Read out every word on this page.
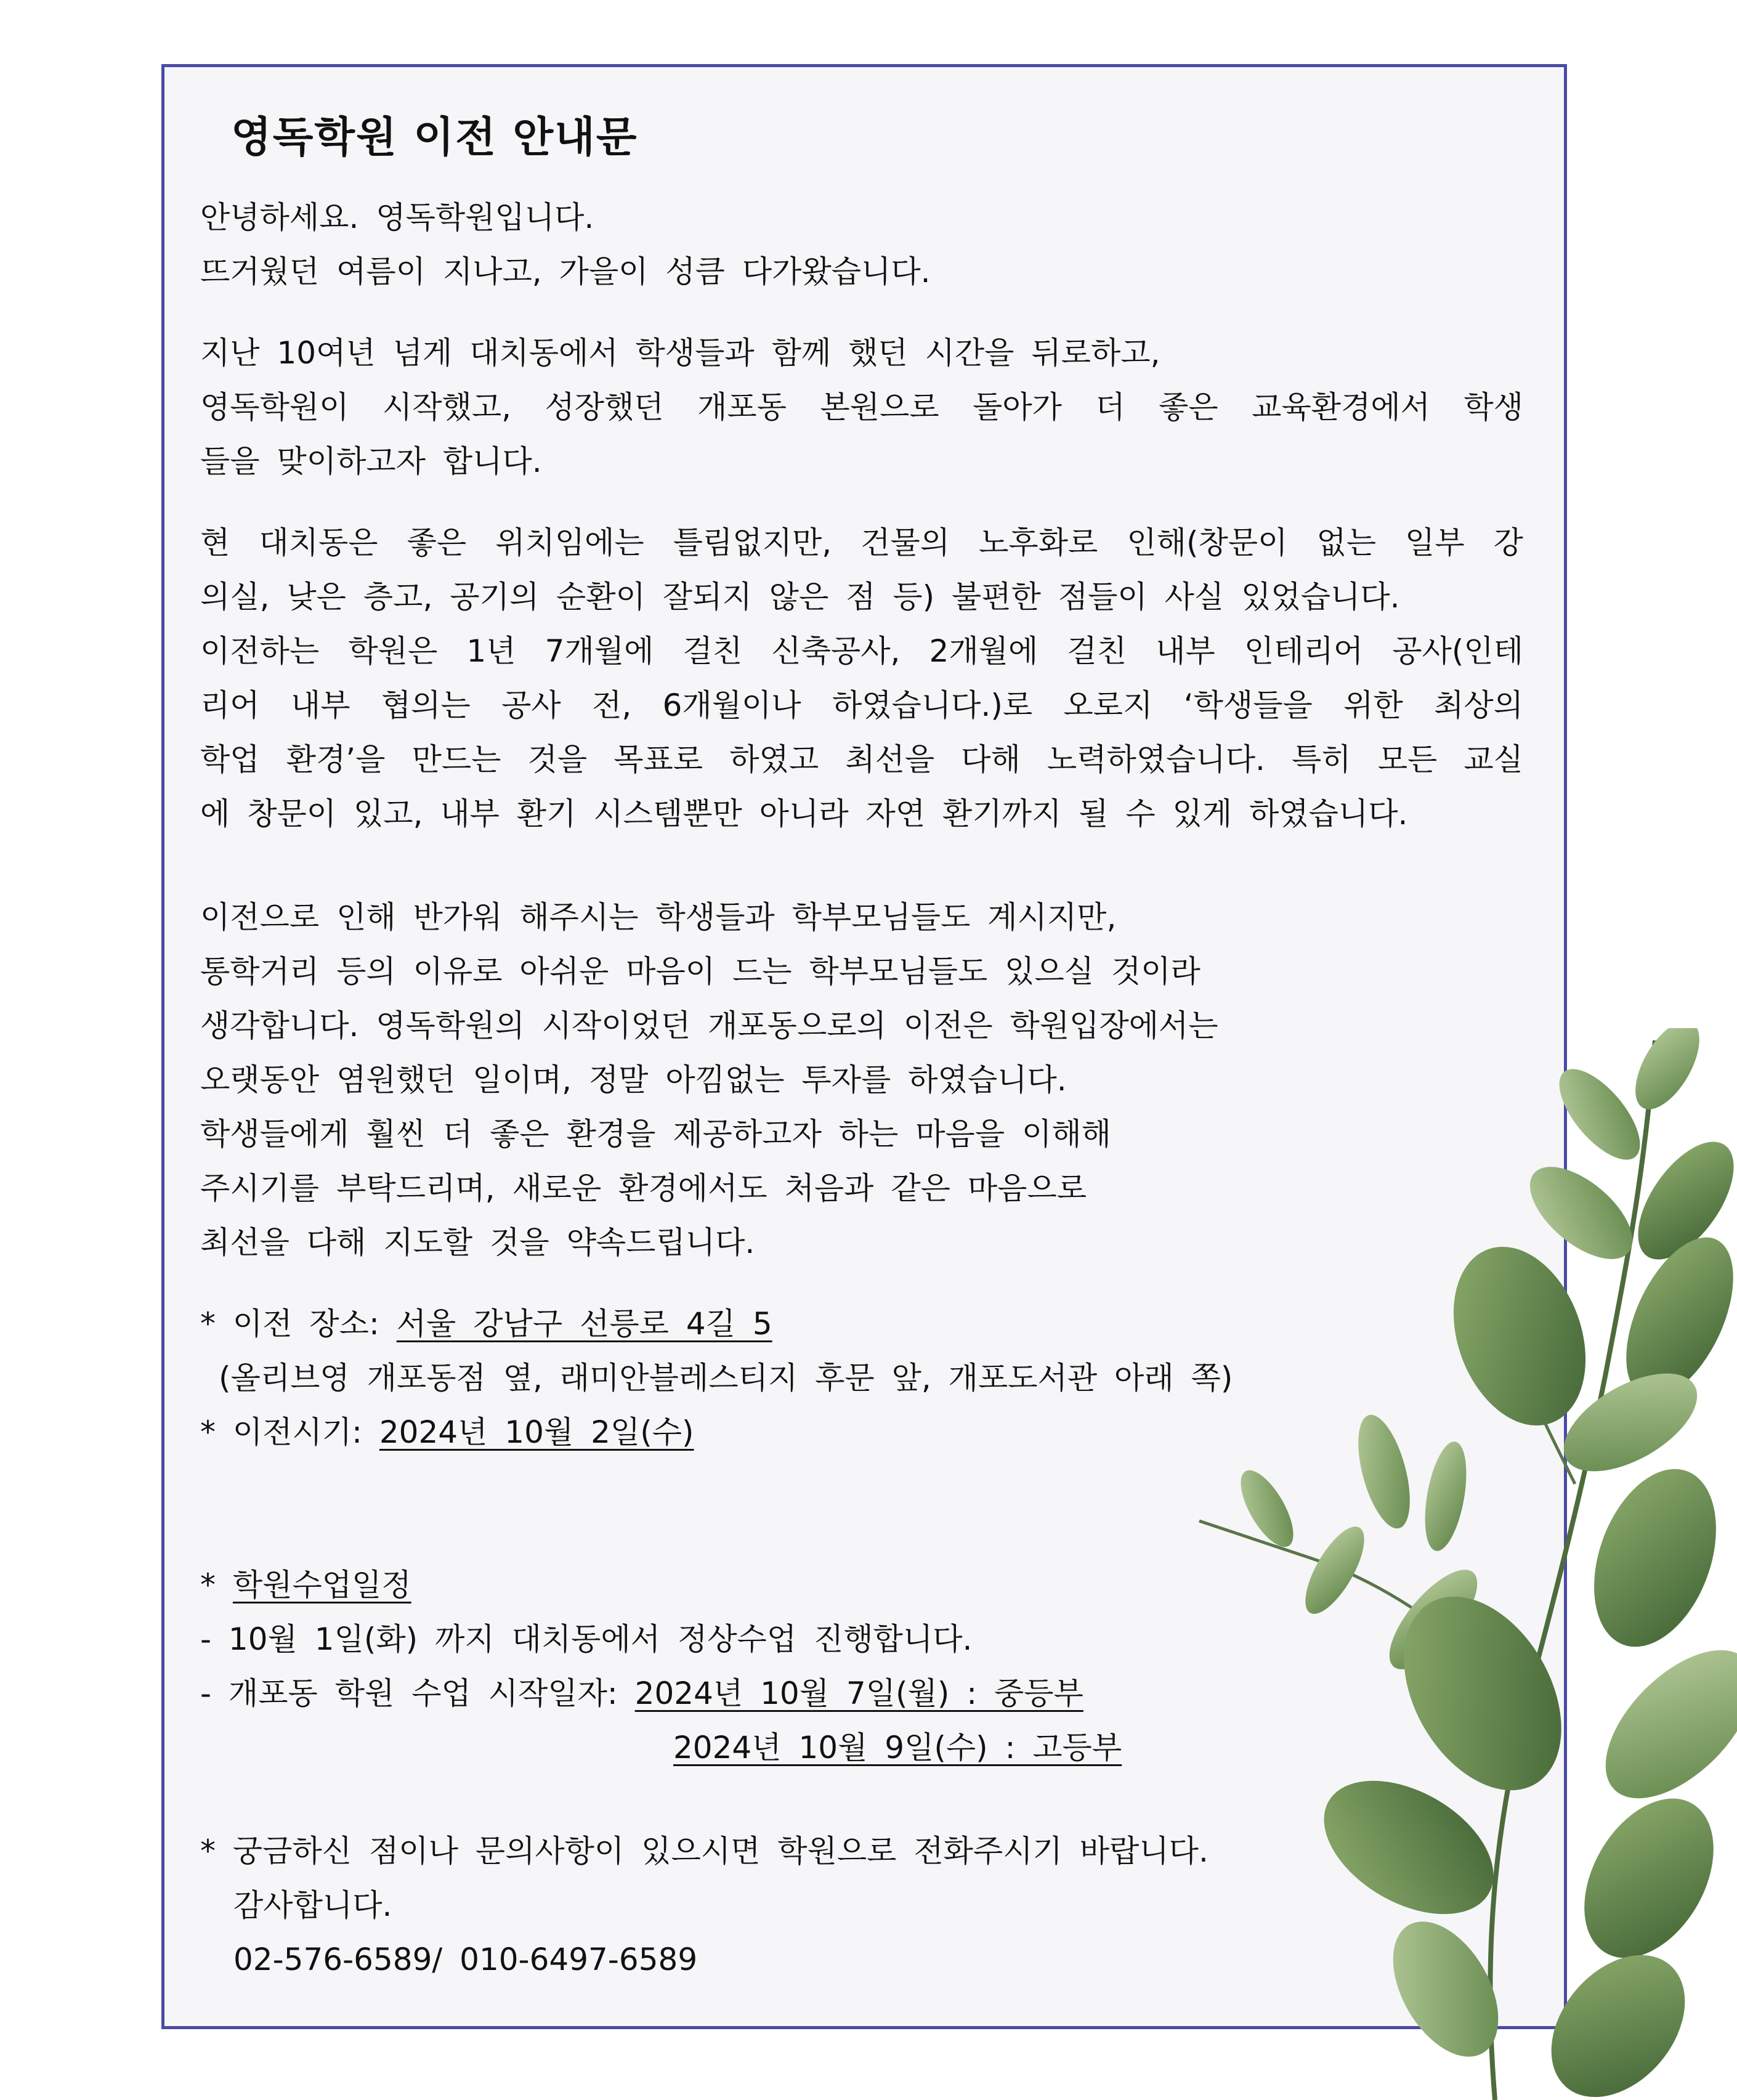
영독학원 이전 안내문
안녕하세요. 영독학원입니다.
뜨거웠던 여름이 지나고, 가을이 성큼 다가왔습니다.
지난 10여년 넘게 대치동에서 학생들과 함께 했던 시간을 뒤로하고,
영독학원이 시작했고, 성장했던 개포동 본원으로 돌아가 더 좋은 교육환경에서 학생
들을 맞이하고자 합니다.
현 대치동은 좋은 위치임에는 틀림없지만, 건물의 노후화로 인해(창문이 없는 일부 강
의실, 낮은 층고, 공기의 순환이 잘되지 않은 점 등) 불편한 점들이 사실 있었습니다.
이전하는 학원은 1년 7개월에 걸친 신축공사, 2개월에 걸친 내부 인테리어 공사(인테
리어 내부 협의는 공사 전, 6개월이나 하였습니다.)로 오로지 ‘학생들을 위한 최상의
학업 환경’을 만드는 것을 목표로 하였고 최선을 다해 노력하였습니다. 특히 모든 교실
에 창문이 있고, 내부 환기 시스템뿐만 아니라 자연 환기까지 될 수 있게 하였습니다.
이전으로 인해 반가워 해주시는 학생들과 학부모님들도 계시지만,
통학거리 등의 이유로 아쉬운 마음이 드는 학부모님들도 있으실 것이라
생각합니다. 영독학원의 시작이었던 개포동으로의 이전은 학원입장에서는
오랫동안 염원했던 일이며, 정말 아낌없는 투자를 하였습니다.
학생들에게 훨씬 더 좋은 환경을 제공하고자 하는 마음을 이해해
주시기를 부탁드리며, 새로운 환경에서도 처음과 같은 마음으로
최선을 다해 지도할 것을 약속드립니다.
* 이전 장소: 서울 강남구 선릉로 4길 5
(올리브영 개포동점 옆, 래미안블레스티지 후문 앞, 개포도서관 아래 쪽)
* 이전시기: 2024년 10월 2일(수)
* 학원수업일정
- 10월 1일(화) 까지 대치동에서 정상수업 진행합니다.
- 개포동 학원 수업 시작일자: 2024년 10월 7일(월) : 중등부
2024년 10월 9일(수) : 고등부
* 궁금하신 점이나 문의사항이 있으시면 학원으로 전화주시기 바랍니다.
감사합니다.
02-576-6589/ 010-6497-6589
